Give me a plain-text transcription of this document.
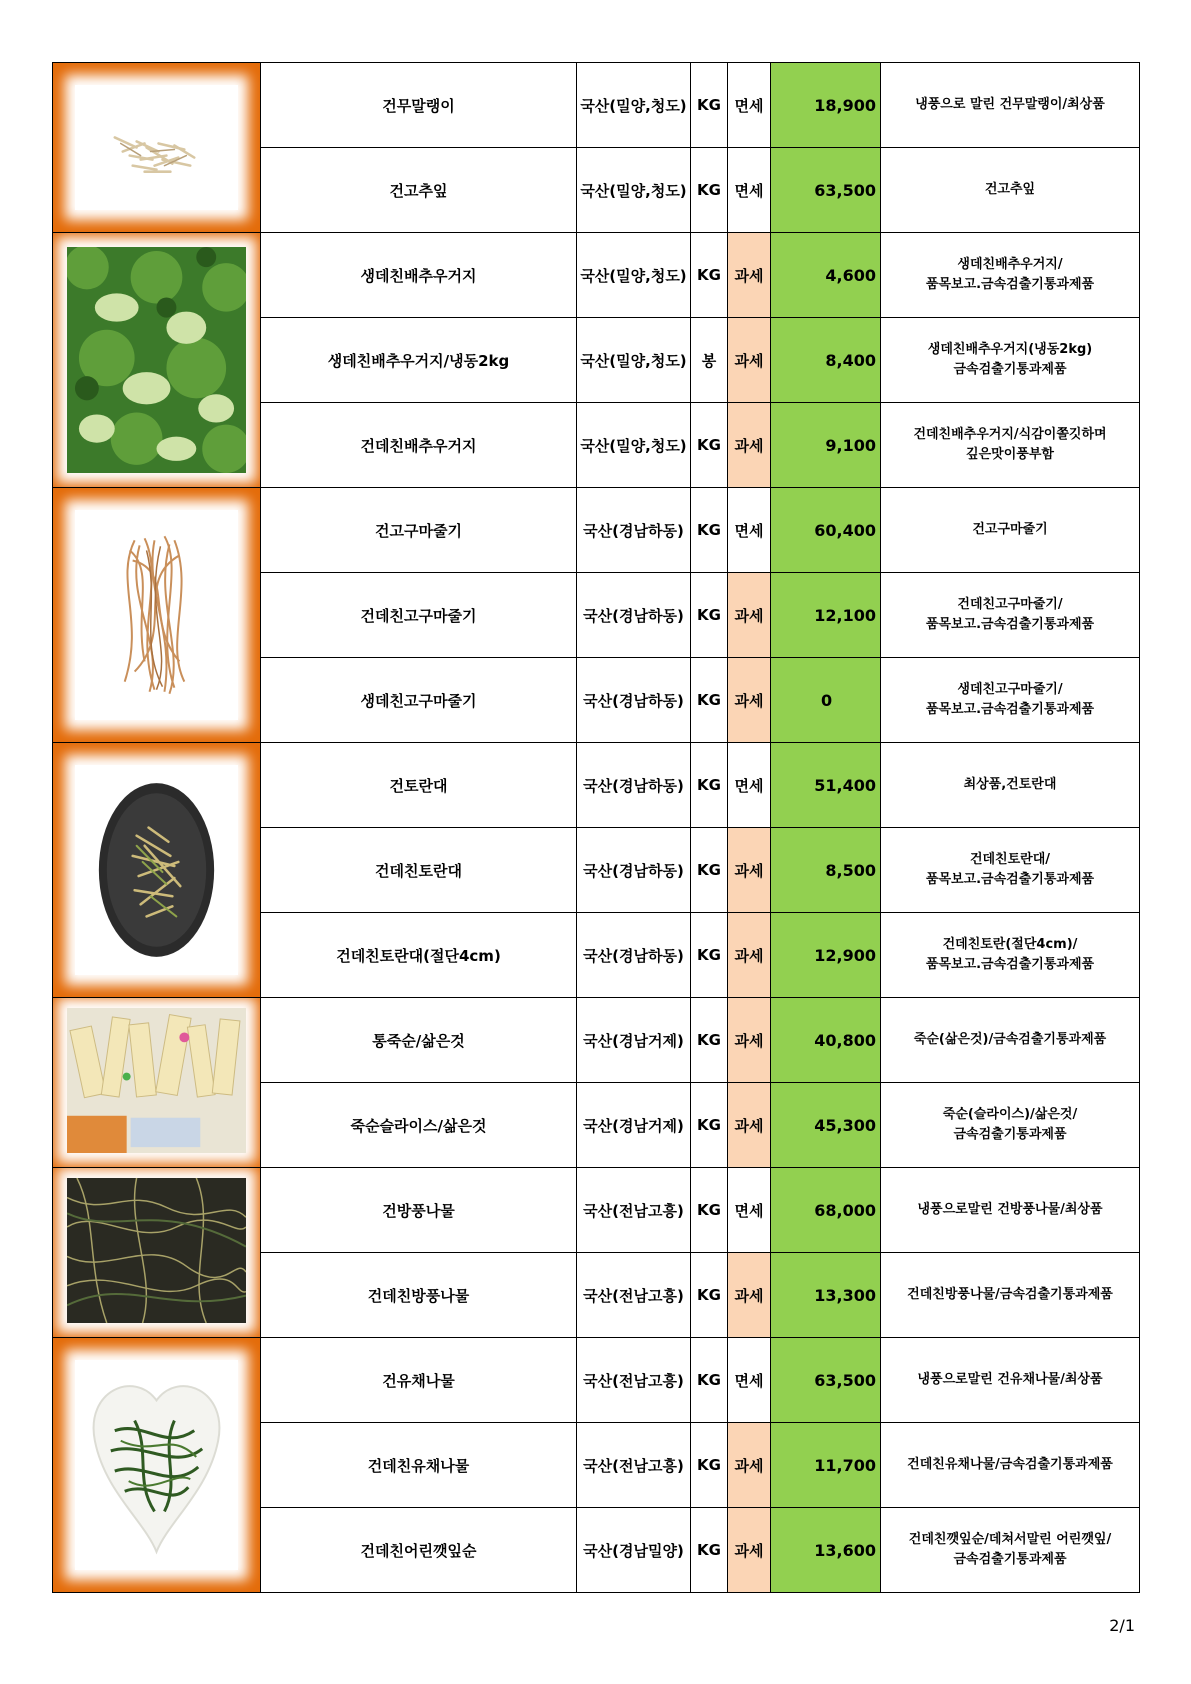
	건무말랭이	국산(밀양,청도)	KG	면세	18,900	냉풍으로 말린 건무말랭이/최상품
	건고추잎	국산(밀양,청도)	KG	면세	63,500	건고추잎

	생데친배추우거지	국산(밀양,청도)	KG	과세	4,600	생데친배추우거지/
품목보고.금속검출기통과제품

	생데친배추우거지/냉동2kg	국산(밀양,청도)	봉	과세	8,400	생데친배추우거지(냉동2kg)
금속검출기통과제품

	건데친배추우거지	국산(밀양,청도)	KG	과세	9,100	건데친배추우거지/식감이쫄깃하며
깊은맛이풍부함

	건고구마줄기	국산(경남하동)	KG	면세	60,400	건고구마줄기
	건데친고구마줄기	국산(경남하동)	KG	과세	12,100	건데친고구마줄기/
품목보고.금속검출기통과제품

	생데친고구마줄기	국산(경남하동)	KG	과세	0	생데친고구마줄기/
품목보고.금속검출기통과제품

	건토란대	국산(경남하동)	KG	면세	51,400	최상품,건토란대
	건데친토란대	국산(경남하동)	KG	과세	8,500	건데친토란대/
품목보고.금속검출기통과제품

	건데친토란대(절단4cm)	국산(경남하동)	KG	과세	12,900	건데친토란(절단4cm)/
품목보고.금속검출기통과제품

	통죽순/삶은것	국산(경남거제)	KG	과세	40,800	죽순(삶은것)/금속검출기통과제품
	죽순슬라이스/삶은것	국산(경남거제)	KG	과세	45,300	죽순(슬라이스)/삶은것/
금속검출기통과제품

	건방풍나물	국산(전남고흥)	KG	면세	68,000	냉풍으로말린 건방풍나물/최상품
	건데친방풍나물	국산(전남고흥)	KG	과세	13,300	건데친방풍나물/금속검출기통과제품

	건유채나물	국산(전남고흥)	KG	면세	63,500	냉풍으로말린 건유채나물/최상품
	건데친유채나물	국산(전남고흥)	KG	과세	11,700	건데친유채나물/금속검출기통과제품
	건데친어린깻잎순	국산(경남밀양)	KG	과세	13,600	건데친깻잎순/데쳐서말린 어린깻잎/
금속검출기통과제품
2/1
